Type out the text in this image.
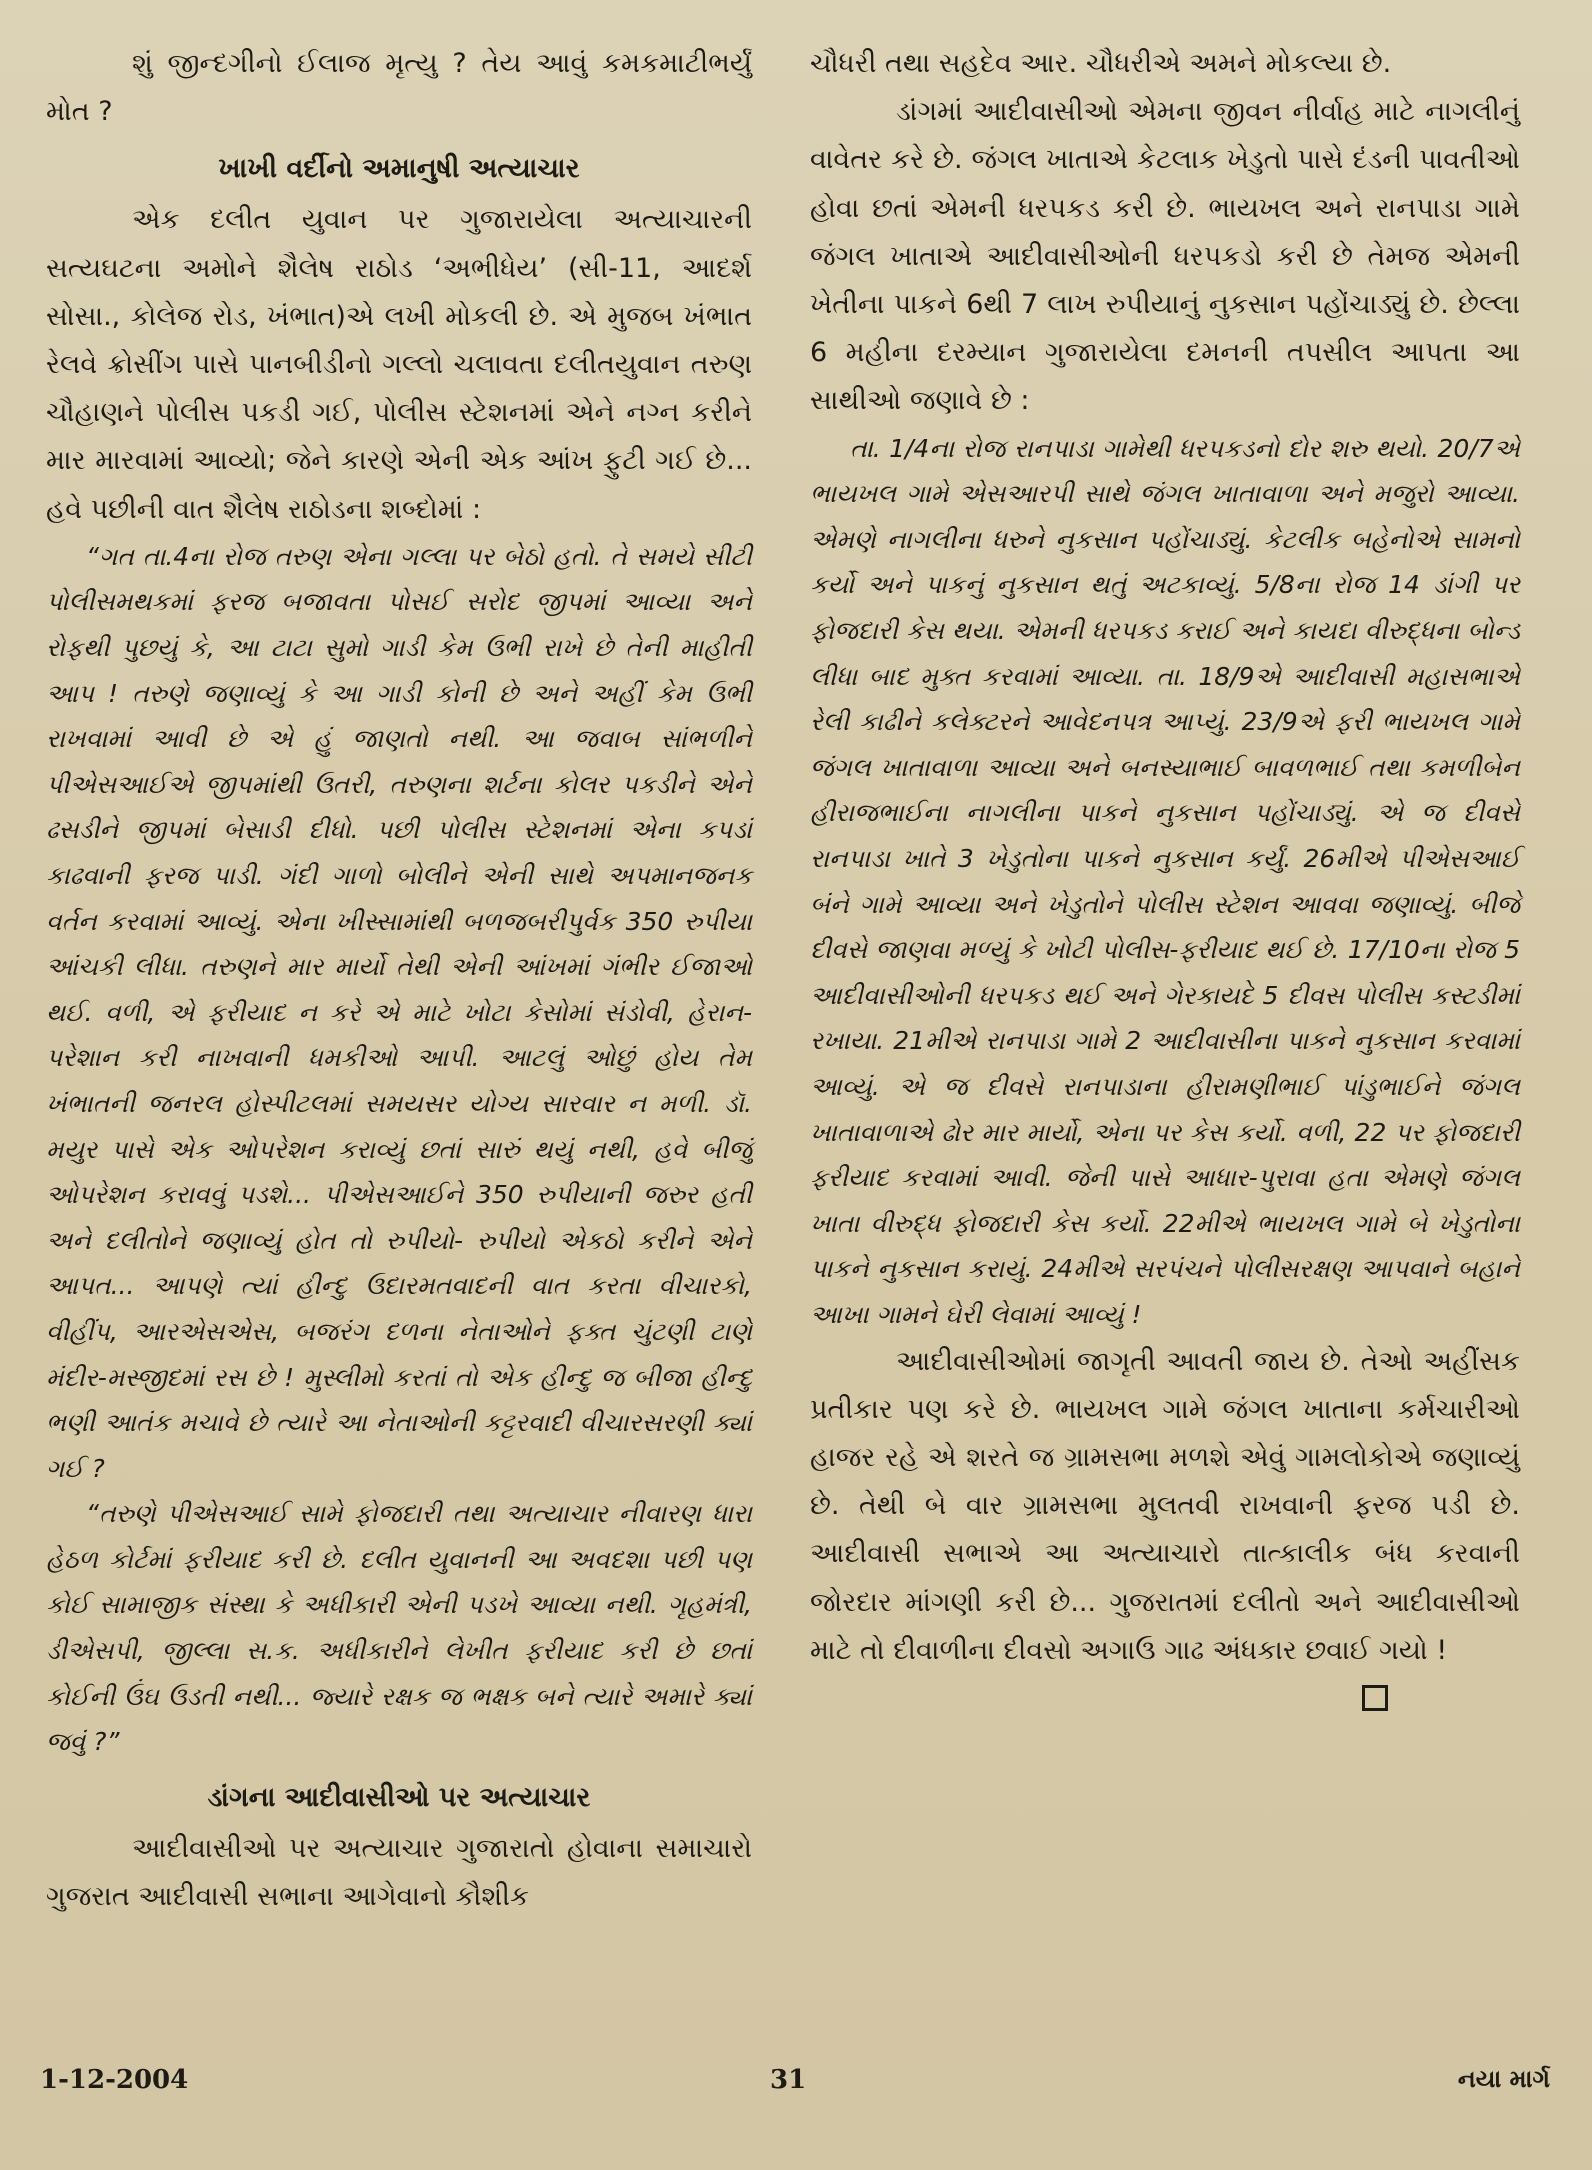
શું જીન્દગીનો ઈલાજ મૃત્યુ ? તેય આવું કમકમાટીભર્યું મોત ?

ખાખી વર્દીનો અમાનુષી અત્યાચાર

એક દલીત યુવાન પર ગુજારાયેલા અત્યાચારની સત્યઘટના અમોને શૈલેષ રાઠોડ ‘અભીધેય’ (સી-11, આદર્શ સોસા., કોલેજ રોડ, ખંભાત)એ લખી મોકલી છે. એ મુજબ ખંભાત રેલવે ક્રોસીંગ પાસે પાનબીડીનો ગલ્લો ચલાવતા દલીતયુવાન તરુણ ચૌહાણને પોલીસ પકડી ગઈ, પોલીસ સ્ટેશનમાં એને નગ્ન કરીને માર મારવામાં આવ્યો; જેને કારણે એની એક આંખ ફુટી ગઈ છે... હવે પછીની વાત શૈલેષ રાઠોડના શબ્દોમાં :

“ગત તા.4ના રોજ તરુણ એના ગલ્લા પર બેઠો હતો. તે સમયે સીટી પોલીસમથકમાં ફરજ બજાવતા પોસઈ સરોદ જીપમાં આવ્યા અને રોફથી પુછયું કે, આ ટાટા સુમો ગાડી કેમ ઉભી રાખે છે તેની માહીતી આપ ! તરુણે જણાવ્યું કે આ ગાડી કોની છે અને અહીં કેમ ઉભી રાખવામાં આવી છે એ હું જાણતો નથી. આ જવાબ સાંભળીને પીએસઆઈએ જીપમાંથી ઉતરી, તરુણના શર્ટના કોલર પકડીને એને ઢસડીને જીપમાં બેસાડી દીધો. પછી પોલીસ સ્ટેશનમાં એના કપડાં કાઢવાની ફરજ પાડી. ગંદી ગાળો બોલીને એની સાથે અપમાનજનક વર્તન કરવામાં આવ્યું. એના ખીસ્સામાંથી બળજબરીપુર્વક 350 રુપીયા આંચકી લીધા. તરુણને માર માર્યો તેથી એની આંખમાં ગંભીર ઈજાઓ થઈ. વળી, એ ફરીયાદ ન કરે એ માટે ખોટા કેસોમાં સંડોવી, હેરાન-પરેશાન કરી નાખવાની ધમકીઓ આપી. આટલું ઓછું હોય તેમ ખંભાતની જનરલ હોસ્પીટલમાં સમયસર યોગ્ય સારવાર ન મળી. ડૉ. મયુર પાસે એક ઓપરેશન કરાવ્યું છતાં સારું થયું નથી, હવે બીજું ઓપરેશન કરાવવું પડશે... પીએસઆઈને 350 રુપીયાની જરુર હતી અને દલીતોને જણાવ્યું હોત તો રુપીયો- રુપીયો એકઠો કરીને એને આપત... આપણે ત્યાં હીન્દુ ઉદારમતવાદની વાત કરતા વીચારકો, વીહીંપ, આરએસએસ, બજરંગ દળના નેતાઓને ફક્ત ચુંટણી ટાણે મંદીર-મસ્જીદમાં રસ છે ! મુસ્લીમો કરતાં તો એક હીન્દુ જ બીજા હીન્દુ ભણી આતંક મચાવે છે ત્યારે આ નેતાઓની કટ્ટરવાદી વીચારસરણી ક્યાં ગઈ ?

“તરુણે પીએસઆઈ સામે ફોજદારી તથા અત્યાચાર નીવારણ ધારા હેઠળ કોર્ટમાં ફરીયાદ કરી છે. દલીત યુવાનની આ અવદશા પછી પણ કોઈ સામાજીક સંસ્થા કે અધીકારી એની પડખે આવ્યા નથી. ગૃહમંત્રી, ડીએસપી, જીલ્લા સ.ક. અધીકારીને લેખીત ફરીયાદ કરી છે છતાં કોઈની ઉંઘ ઉડતી નથી... જ્યારે રક્ષક જ ભક્ષક બને ત્યારે અમારે ક્યાં જવું ?”

ડાંગના આદીવાસીઓ પર અત્યાચાર

આદીવાસીઓ પર અત્યાચાર ગુજારાતો હોવાના સમાચારો ગુજરાત આદીવાસી સભાના આગેવાનો કૌશીક

ચૌધરી તથા સહદેવ આર. ચૌધરીએ અમને મોકલ્યા છે.

ડાંગમાં આદીવાસીઓ એમના જીવન નીર્વાહ માટે નાગલીનું વાવેતર કરે છે. જંગલ ખાતાએ કેટલાક ખેડુતો પાસે દંડની પાવતીઓ હોવા છતાં એમની ધરપકડ કરી છે. ભાયખલ અને રાનપાડા ગામે જંગલ ખાતાએ આદીવાસીઓની ધરપકડો કરી છે તેમજ એમની ખેતીના પાકને 6થી 7 લાખ રુપીયાનું નુકસાન પહોંચાડ્યું છે. છેલ્લા 6 મહીના દરમ્યાન ગુજારાયેલા દમનની તપસીલ આપતા આ સાથીઓ જણાવે છે :

તા. 1/4ના રોજ રાનપાડા ગામેથી ધરપકડનો દોર શરુ થયો. 20/7એ ભાયખલ ગામે એસઆરપી સાથે જંગલ ખાતાવાળા અને મજુરો આવ્યા. એમણે નાગલીના ધરુને નુકસાન પહોંચાડ્યું. કેટલીક બહેનોએ સામનો કર્યો અને પાકનું નુકસાન થતું અટકાવ્યું. 5/8ના રોજ 14 ડાંગી પર ફોજદારી કેસ થયા. એમની ધરપકડ કરાઈ અને કાયદા વીરુદ્ધના બોન્ડ લીધા બાદ મુક્ત કરવામાં આવ્યા. તા. 18/9એ આદીવાસી મહાસભાએ રેલી કાઢીને કલેક્ટરને આવેદનપત્ર આપ્યું. 23/9એ ફરી ભાયખલ ગામે જંગલ ખાતાવાળા આવ્યા અને બનસ્યાભાઈ બાવળભાઈ તથા કમળીબેન હીરાજભાઈના નાગલીના પાકને નુકસાન પહોંચાડ્યું. એ જ દીવસે રાનપાડા ખાતે 3 ખેડુતોના પાકને નુકસાન કર્યું. 26મીએ પીએસઆઈ બંને ગામે આવ્યા અને ખેડુતોને પોલીસ સ્ટેશન આવવા જણાવ્યું. બીજે દીવસે જાણવા મળ્યું કે ખોટી પોલીસ-ફરીયાદ થઈ છે. 17/10ના રોજ 5 આદીવાસીઓની ધરપકડ થઈ અને ગેરકાયદે 5 દીવસ પોલીસ કસ્ટડીમાં રખાયા. 21મીએ રાનપાડા ગામે 2 આદીવાસીના પાકને નુકસાન કરવામાં આવ્યું. એ જ દીવસે રાનપાડાના હીરામણીભાઈ પાંડુભાઈને જંગલ ખાતાવાળાએ ઢોર માર માર્યો, એના પર કેસ કર્યો. વળી, 22 પર ફોજદારી ફરીયાદ કરવામાં આવી. જેની પાસે આધાર-પુરાવા હતા એમણે જંગલ ખાતા વીરુદ્ધ ફોજદારી કેસ કર્યો. 22મીએ ભાયખલ ગામે બે ખેડુતોના પાકને નુકસાન કરાયું. 24મીએ સરપંચને પોલીસરક્ષણ આપવાને બહાને આખા ગામને ઘેરી લેવામાં આવ્યું !

આદીવાસીઓમાં જાગૃતી આવતી જાય છે. તેઓ અહીંસક પ્રતીકાર પણ કરે છે. ભાયખલ ગામે જંગલ ખાતાના કર્મચારીઓ હાજર રહે એ શરતે જ ગ્રામસભા મળશે એવું ગામલોકોએ જણાવ્યું છે. તેથી બે વાર ગ્રામસભા મુલતવી રાખવાની ફરજ પડી છે. આદીવાસી સભાએ આ અત્યાચારો તાત્કાલીક બંધ કરવાની જોરદાર માંગણી કરી છે... ગુજરાતમાં દલીતો અને આદીવાસીઓ માટે તો દીવાળીના દીવસો અગાઉ ગાઢ અંધકાર છવાઈ ગયો !

1-12-2004	31	નયા માર્ગ
